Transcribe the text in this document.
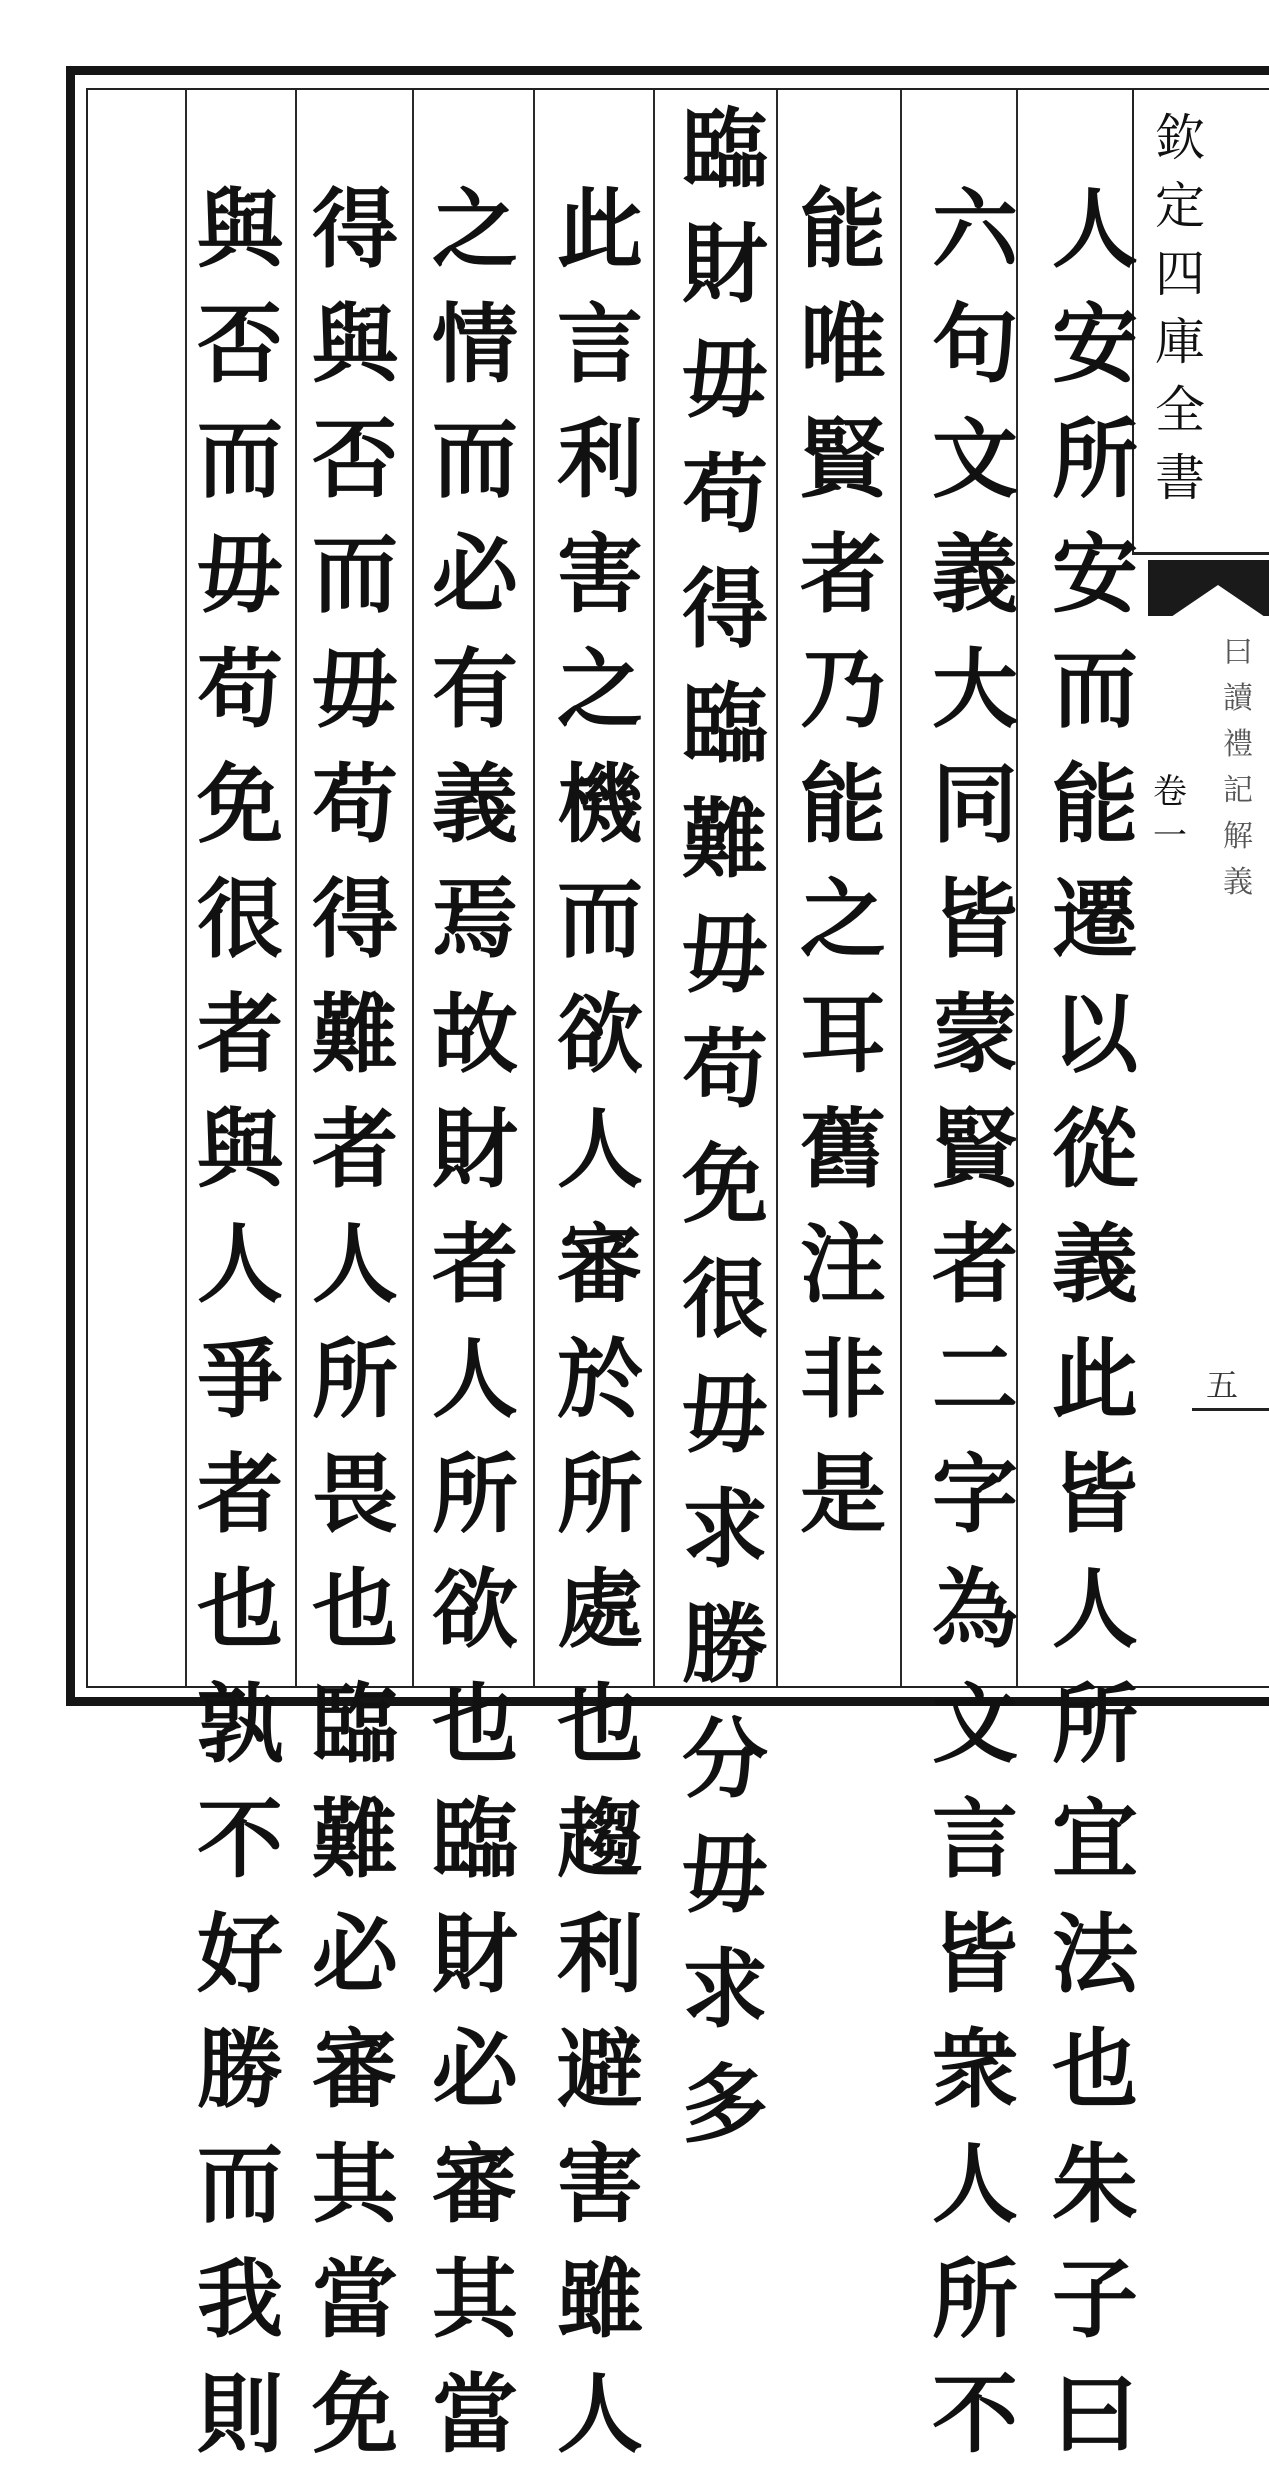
欽
定
四
庫
全
書
曰
讀
禮
記
解
義
卷
一
五
人
安
所
安
而
能
遷
以
從
義
此
皆
人
所
宜
法
也
朱
子
曰
六
句
文
義
大
同
皆
蒙
賢
者
二
字
為
文
言
皆
衆
人
所
不
能
唯
賢
者
乃
能
之
耳
舊
注
非
是
臨
財
毋
苟
得
臨
難
毋
苟
免
很
毋
求
勝
分
毋
求
多
此
言
利
害
之
機
而
欲
人
審
於
所
處
也
趨
利
避
害
雖
人
之
情
而
必
有
義
焉
故
財
者
人
所
欲
也
臨
財
必
審
其
當
得
與
否
而
毋
苟
得
難
者
人
所
畏
也
臨
難
必
審
其
當
免
與
否
而
毋
苟
免
很
者
與
人
爭
者
也
孰
不
好
勝
而
我
則
